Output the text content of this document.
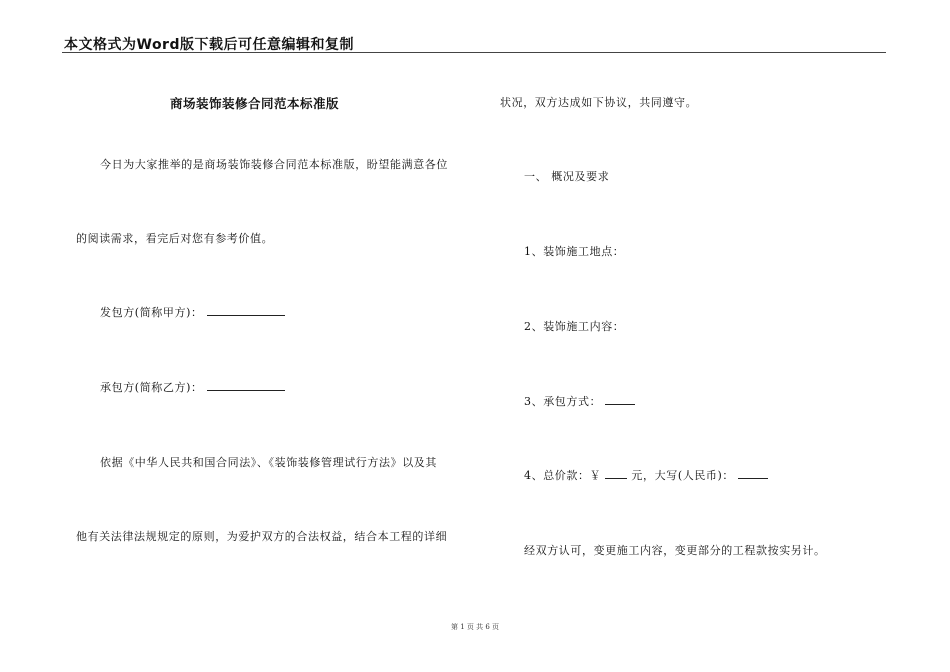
本文格式为Word版下载后可任意编辑和复制
商场装饰装修合同范本标准版
今日为大家推举的是商场装饰装修合同范本标准版，盼望能满意各位
的阅读需求，看完后对您有参考价值。
发包方(简称甲方)：
承包方(简称乙方)：
依据《中华人民共和国合同法》、《装饰装修管理试行方法》以及其
他有关法律法规规定的原则，为爱护双方的合法权益，结合本工程的详细
状况，双方达成如下协议，共同遵守。
一、 概况及要求
1、装饰施工地点：
2、装饰施工内容：
3、承包方式：
4、总价款：￥	元，大写(人民币)：
经双方认可，变更施工内容，变更部分的工程款按实另计。
第 1 页 共 6 页
